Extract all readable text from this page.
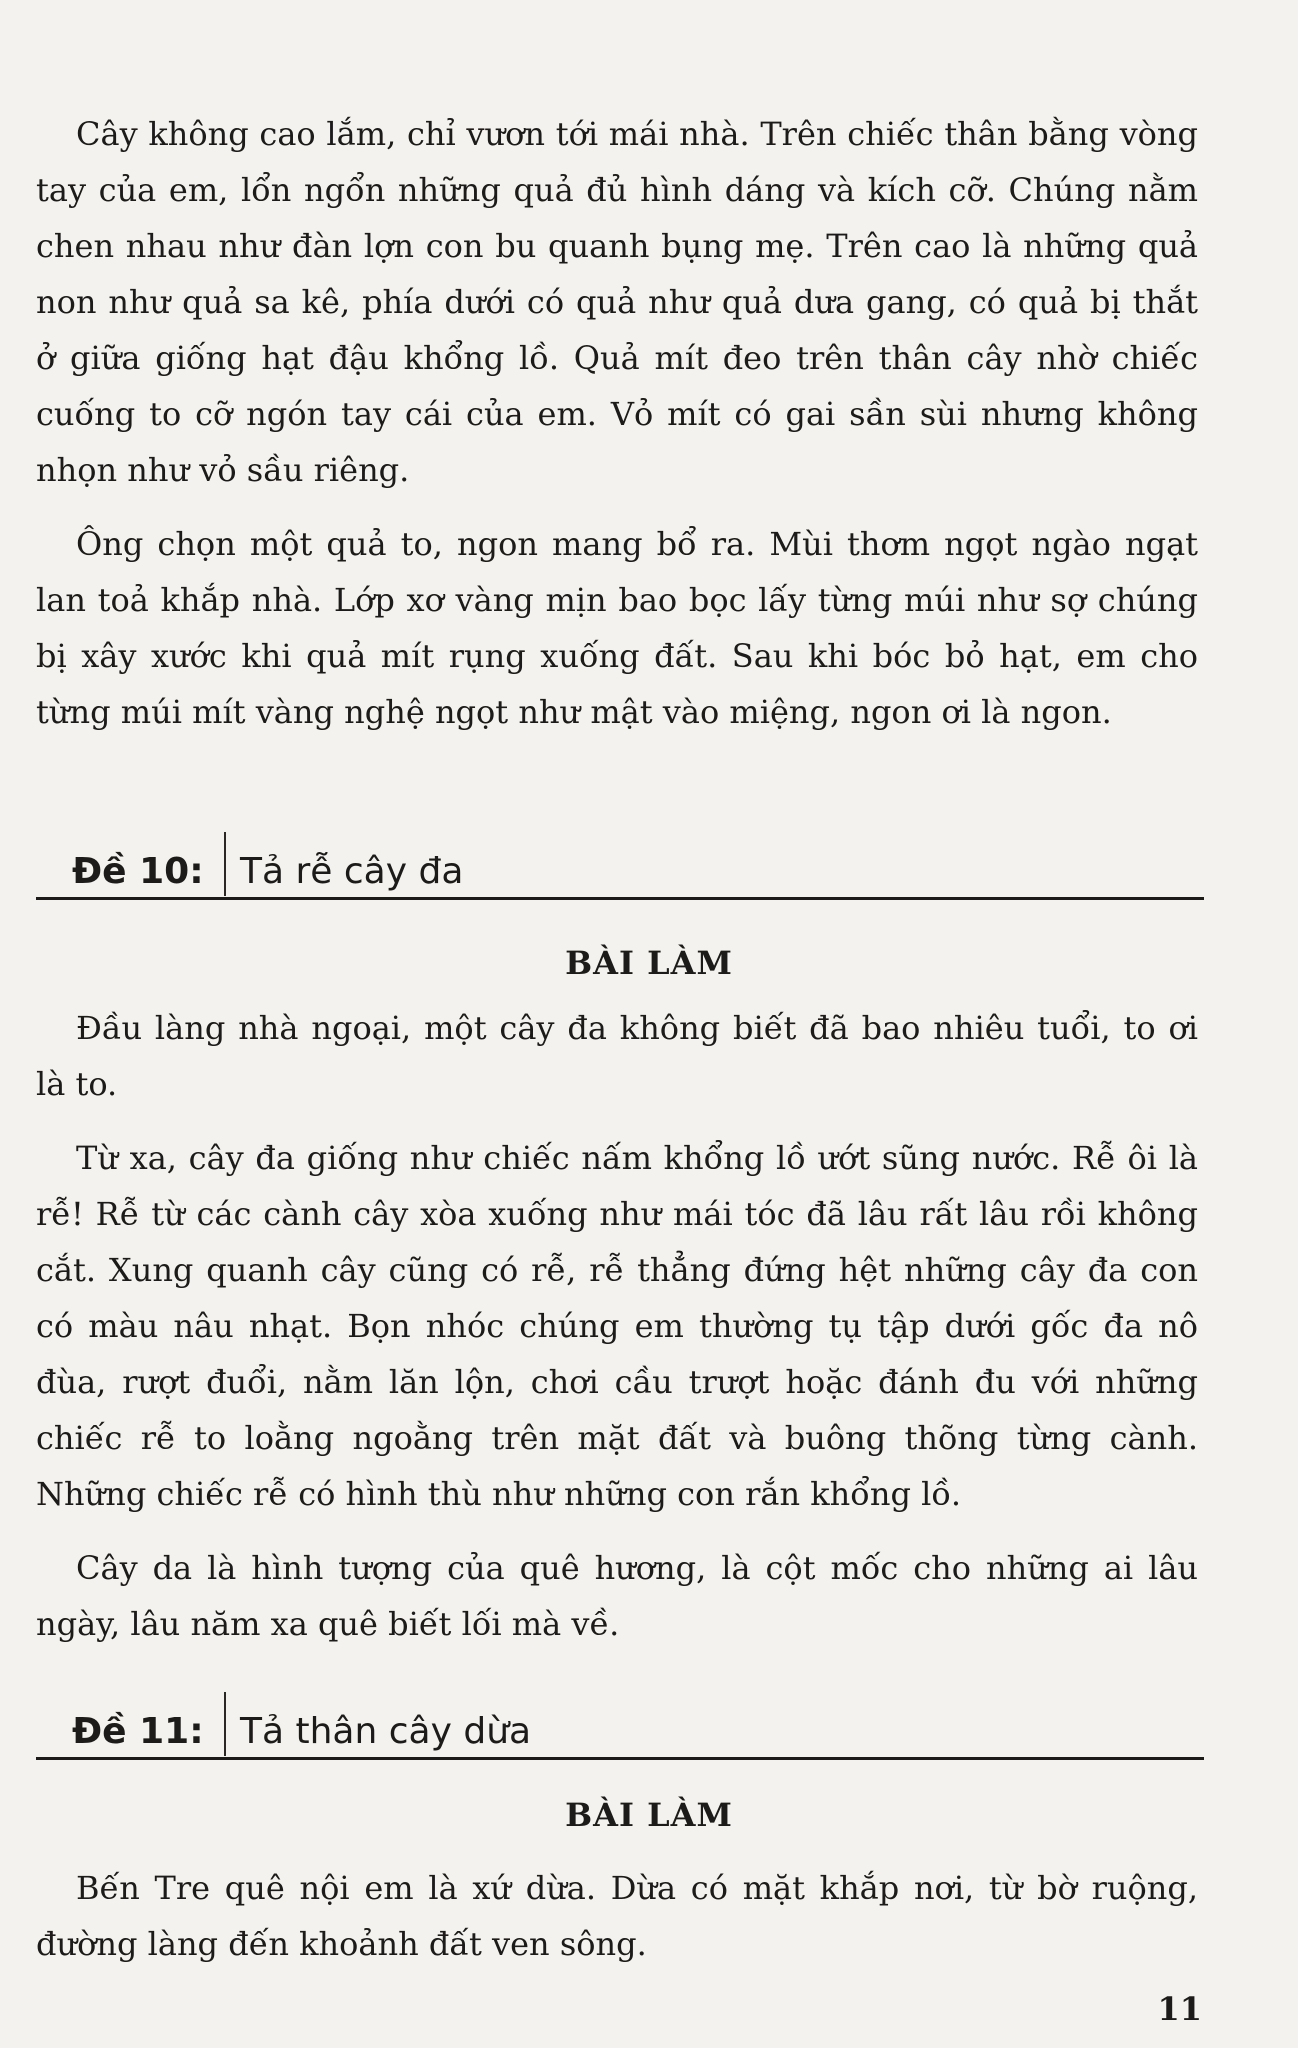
Cây không cao lắm, chỉ vươn tới mái nhà. Trên chiếc thân bằng vòng tay của em, lổn ngổn những quả đủ hình dáng và kích cỡ. Chúng nằm chen nhau như đàn lợn con bu quanh bụng mẹ. Trên cao là những quả non như quả sa kê, phía dưới có quả như quả dưa gang, có quả bị thắt ở giữa giống hạt đậu khổng lồ. Quả mít đeo trên thân cây nhờ chiếc cuống to cỡ ngón tay cái của em. Vỏ mít có gai sần sùi nhưng không nhọn như vỏ sầu riêng.

Ông chọn một quả to, ngon mang bổ ra. Mùi thơm ngọt ngào ngạt lan toả khắp nhà. Lớp xơ vàng mịn bao bọc lấy từng múi như sợ chúng bị xây xước khi quả mít rụng xuống đất. Sau khi bóc bỏ hạt, em cho từng múi mít vàng nghệ ngọt như mật vào miệng, ngon ơi là ngon.

Đề 10: Tả rễ cây đa
BÀI LÀM

Đầu làng nhà ngoại, một cây đa không biết đã bao nhiêu tuổi, to ơi là to.

Từ xa, cây đa giống như chiếc nấm khổng lồ ướt sũng nước. Rễ ôi là rễ! Rễ từ các cành cây xòa xuống như mái tóc đã lâu rất lâu rồi không cắt. Xung quanh cây cũng có rễ, rễ thẳng đứng hệt những cây đa con có màu nâu nhạt. Bọn nhóc chúng em thường tụ tập dưới gốc đa nô đùa, rượt đuổi, nằm lăn lộn, chơi cầu trượt hoặc đánh đu với những chiếc rễ to loằng ngoằng trên mặt đất và buông thõng từng cành. Những chiếc rễ có hình thù như những con rắn khổng lồ.

Cây da là hình tượng của quê hương, là cột mốc cho những ai lâu ngày, lâu năm xa quê biết lối mà về.

Đề 11: Tả thân cây dừa
BÀI LÀM

Bến Tre quê nội em là xứ dừa. Dừa có mặt khắp nơi, từ bờ ruộng, đường làng đến khoảnh đất ven sông.

11
